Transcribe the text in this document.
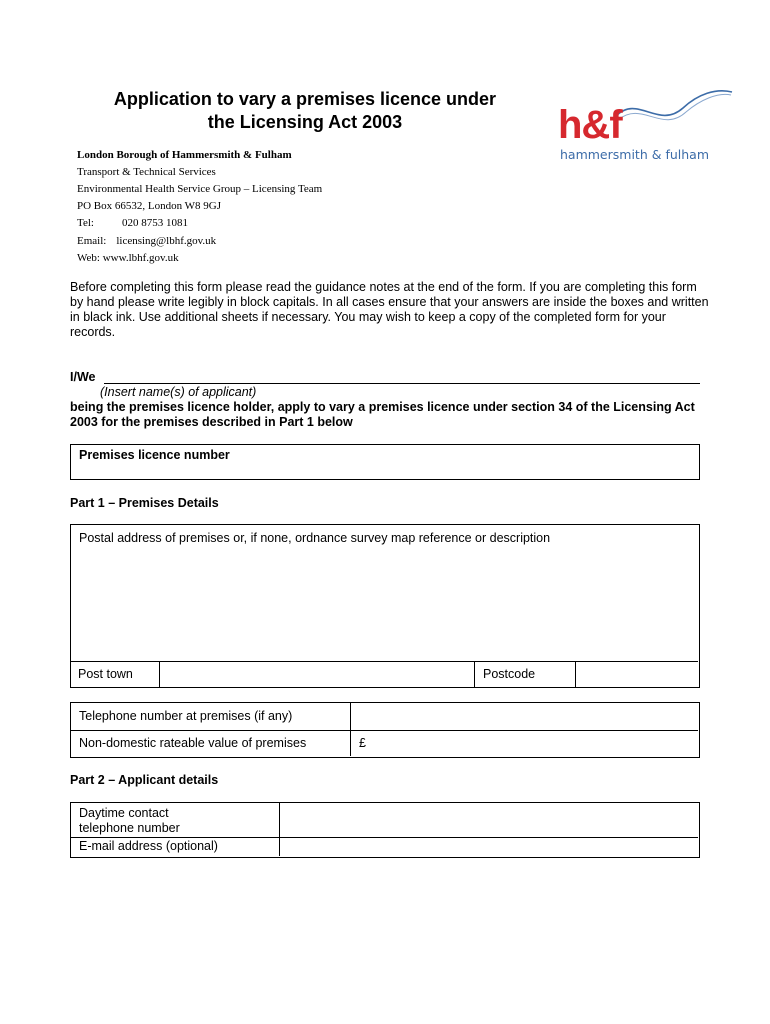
Application to vary a premises licence under
the Licensing Act 2003	h&f
hammersmith & fulham
London Borough of Hammersmith & Fulham
Transport & Technical Services
Environmental Health Service Group – Licensing Team
PO Box 66532, London W8 9GJ
Tel:	020 8753 1081
Email: licensing@lbhf.gov.uk
Web: www.lbhf.gov.uk
Before completing this form please read the guidance notes at the end of the form. If you are completing this form by hand please write legibly in block capitals. In all cases ensure that your answers are inside the boxes and written in black ink. Use additional sheets if necessary. You may wish to keep a copy of the completed form for your records.
I/We
(Insert name(s) of applicant)
being the premises licence holder, apply to vary a premises licence under section 34 of the Licensing Act 2003 for the premises described in Part 1 below
Premises licence number
Part 1 – Premises Details
Postal address of premises or, if none, ordnance survey map reference or description
Post town	Postcode
Telephone number at premises (if any)
Non-domestic rateable value of premises	£
Part 2 – Applicant details
Daytime contact
telephone number
E-mail address (optional)
